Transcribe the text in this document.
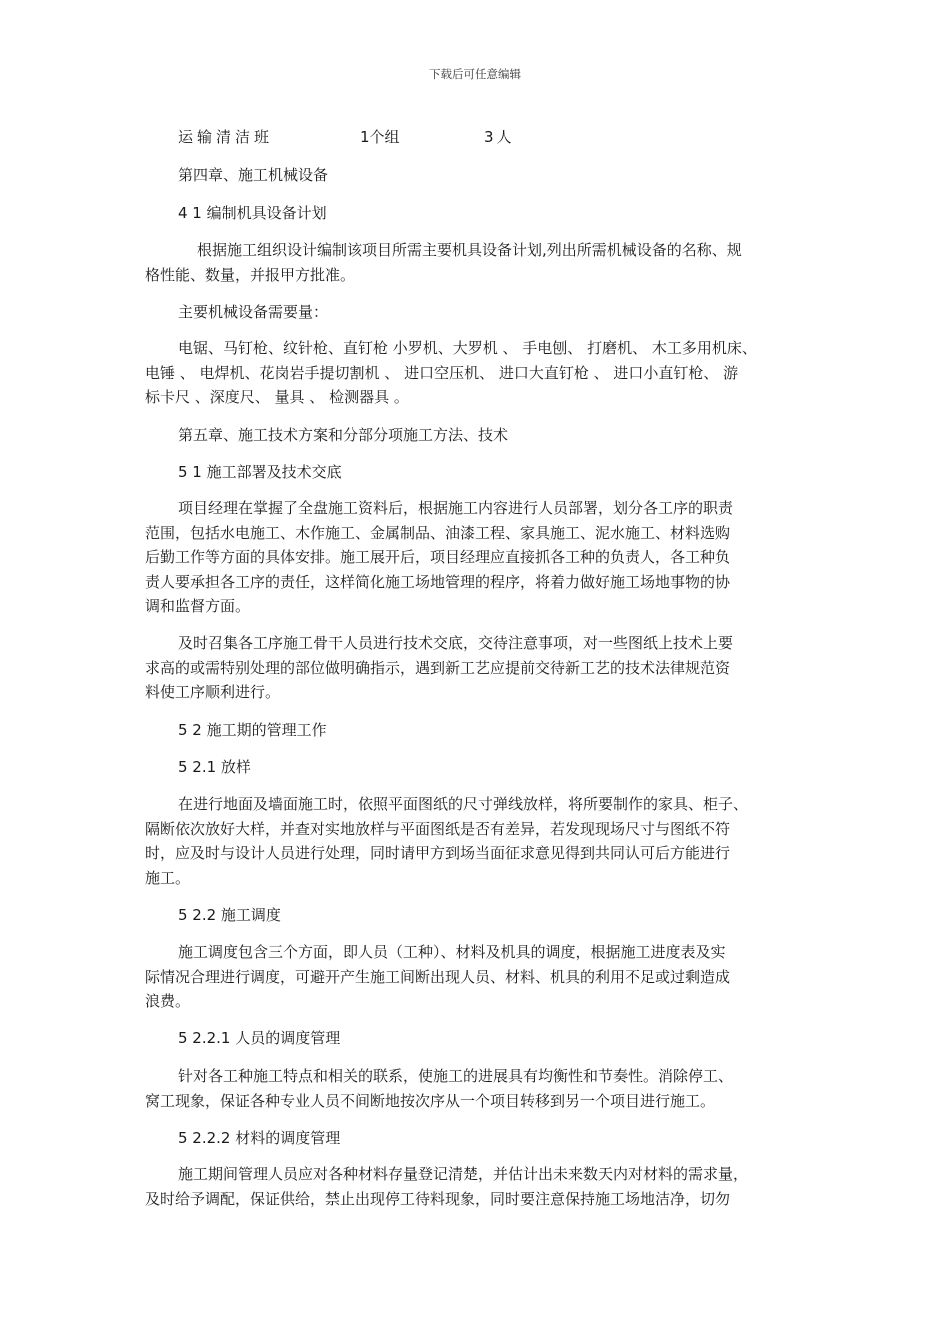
下载后可任意编辑
运输清洁班	1个组	3人
第四章、施工机械设备
4 1 编制机具设备计划
根据施工组织设计编制该项目所需主要机具设备计划,列出所需机械设备的名称、规
格性能、数量，并报甲方批准。
主要机械设备需要量：
电锯、马钉枪、纹针枪、直钉枪 小罗机、大罗机 、 手电刨、 打磨机、 木工多用机床、
电锤 、 电焊机、花岗岩手提切割机 、 进口空压机、 进口大直钉枪 、 进口小直钉枪、 游
标卡尺 、深度尺、 量具 、 检测器具 。
第五章、施工技术方案和分部分项施工方法、技术
5 1 施工部署及技术交底
项目经理在掌握了全盘施工资料后，根据施工内容进行人员部署，划分各工序的职责
范围，包括水电施工、木作施工、金属制品、油漆工程、家具施工、泥水施工、材料选购
后勤工作等方面的具体安排。施工展开后，项目经理应直接抓各工种的负责人，各工种负
责人要承担各工序的责任，这样简化施工场地管理的程序，将着力做好施工场地事物的协
调和监督方面。
及时召集各工序施工骨干人员进行技术交底，交待注意事项，对一些图纸上技术上要
求高的或需特别处理的部位做明确指示，遇到新工艺应提前交待新工艺的技术法律规范资
料使工序顺利进行。
5 2 施工期的管理工作
5 2.1 放样
在进行地面及墙面施工时，依照平面图纸的尺寸弹线放样，将所要制作的家具、柜子、
隔断依次放好大样，并查对实地放样与平面图纸是否有差异，若发现现场尺寸与图纸不符
时，应及时与设计人员进行处理，同时请甲方到场当面征求意见得到共同认可后方能进行
施工。
5 2.2 施工调度
施工调度包含三个方面，即人员（工种）、材料及机具的调度，根据施工进度表及实
际情况合理进行调度，可避开产生施工间断出现人员、材料、机具的利用不足或过剩造成
浪费。
5 2.2.1 人员的调度管理
针对各工种施工特点和相关的联系，使施工的进展具有均衡性和节奏性。消除停工、
窝工现象，保证各种专业人员不间断地按次序从一个项目转移到另一个项目进行施工。
5 2.2.2 材料的调度管理
施工期间管理人员应对各种材料存量登记清楚，并估计出未来数天内对材料的需求量，
及时给予调配，保证供给，禁止出现停工待料现象，同时要注意保持施工场地洁净，切勿
